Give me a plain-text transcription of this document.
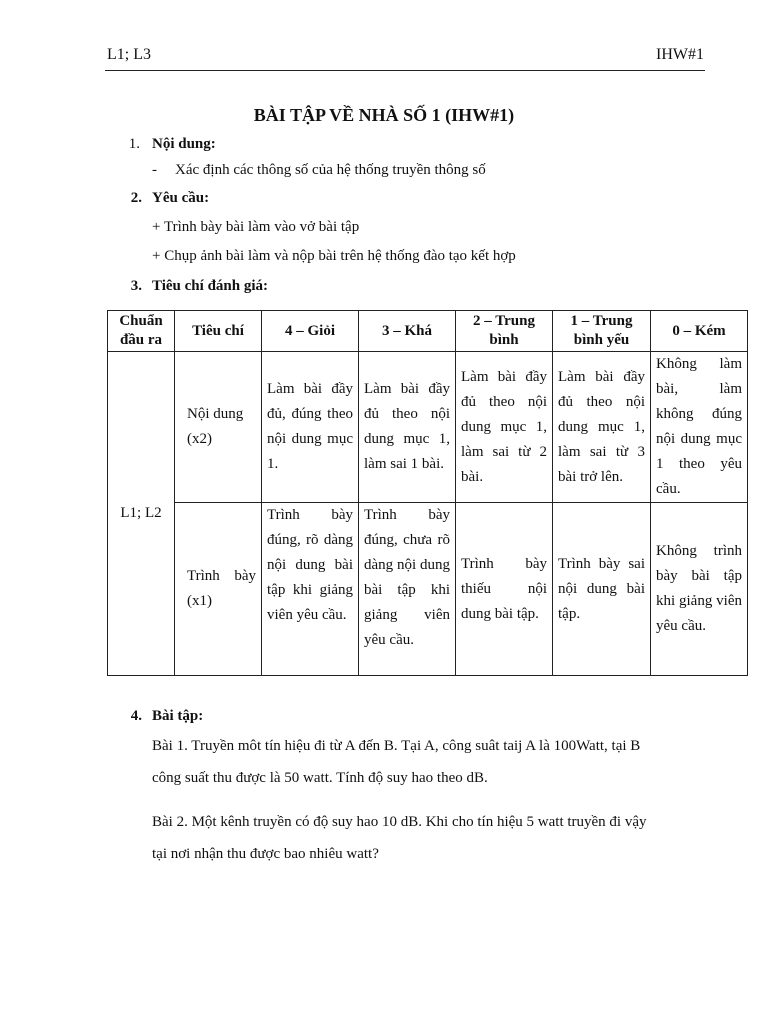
L1; L3	IHW#1
BÀI TẬP VỀ NHÀ SỐ 1 (IHW#1)
1. Nội dung:
- Xác định các thông số của hệ thống truyền thông số
2. Yêu cầu:
+ Trình bày bài làm vào vở bài tập
+ Chụp ảnh bài làm và nộp bài trên hệ thống đào tạo kết hợp
3. Tiêu chí đánh giá:
Chuẩn đầu ra	Tiêu chí	4 – Giỏi	3 – Khá	2 – Trung bình	1 – Trung bình yếu	0 – Kém
L1; L2	Nội dung (x2)	Làm bài đầy đủ, đúng theo nội dung mục 1.	Làm bài đầy đủ theo nội dung mục 1, làm sai 1 bài.	Làm bài đầy đủ theo nội dung mục 1, làm sai từ 2 bài.	Làm bài đầy đủ theo nội dung mục 1, làm sai từ 3 bài trở lên.	Không làm bài, làm không đúng nội dung mục 1 theo yêu cầu.
	Trình bày (x1)	Trình bày đúng, rõ dàng nội dung bài tập khi giảng viên yêu cầu.	Trình bày đúng, chưa rõ dàng nội dung bài tập khi giảng viên yêu cầu.	Trình bày thiếu nội dung bài tập.	Trình bày sai nội dung bài tập.	Không trình bày bài tập khi giảng viên yêu cầu.
4. Bài tập:
Bài 1. Truyền môt tín hiệu đi từ A đến B. Tại A, công suât taij A là 100Watt, tại B
công suất thu được là 50 watt. Tính độ suy hao theo dB.
Bài 2. Một kênh truyền có độ suy hao 10 dB. Khi cho tín hiệu 5 watt truyền đi vậy
tại nơi nhận thu được bao nhiêu watt?
